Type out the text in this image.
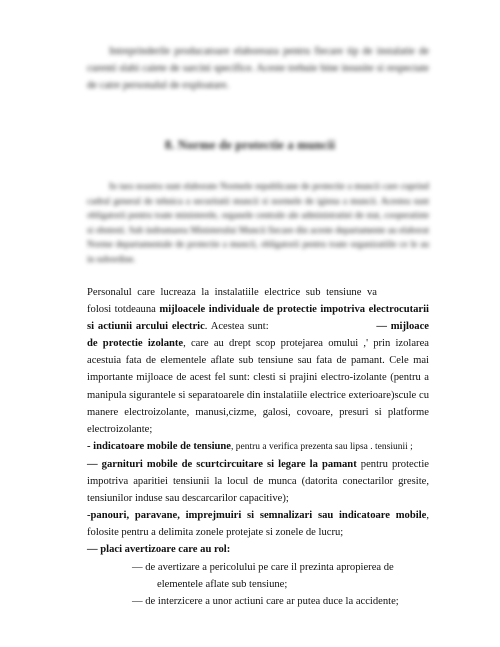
Intreprinderile producatoare elaboreaza pentru fiecare tip de instalatie de curenti slabi caiete de sarcini specifice. Aceste trebuie bine insusite si respectate de catre personalul de exploatare.

8. Norme de protectie a muncii

In tara noastra sunt elaborate Normele republicane de protectie a muncii care cuprind cadrul general de tehnica a securitatii muncii si normele de igiena a muncii. Acestea sunt obligatorii pentru toate ministerele, organele centrale ale administratiei de stat, cooperatiste si obstesti. Sub indrumarea Ministerului Muncii fiecare din aceste departamente au elaborat Norme departamentale de protectie a muncii, obligatorii pentru toate organizatiile ce le au in subordine.

Personalul care lucreaza la instalatiile electrice sub tensiune vafolosi totdeauna mijloacele individuale de protectie impotriva electrocutarii si actiunii arcului electric. Acestea sunt:	— mijloace de protectie izolante, care au drept scop protejarea omului ,' prin izolarea acestuia fata de elementele aflate sub tensiune sau fata de pamant. Cele mai importante mijloace de acest fel sunt: clesti si prajini electro-izolante (pentru a manipula sigurantele si separatoarele din instalatiile electrice exterioare)scule cu manere electroizolante, manusi,cizme, galosi, covoare, presuri si platforme electroizolante;

- indicatoare mobile de tensiune, pentru a verifica prezenta sau lipsa . tensiunii ;

— garnituri mobile de scurtcircuitare si legare la pamant pentru protectie impotriva aparitiei tensiunii la locul de munca (datorita conectarilor gresite, tensiunilor induse sau descarcarilor capacitive);

-panouri, paravane, imprejmuiri si semnalizari sau indicatoare mobile, folosite pentru a delimita zonele protejate si zonele de lucru;

— placi avertizoare care au rol:

— de avertizare a pericolului pe care il prezinta apropierea de

elementele aflate sub tensiune;

— de interzicere a unor actiuni care ar putea duce la accidente;
